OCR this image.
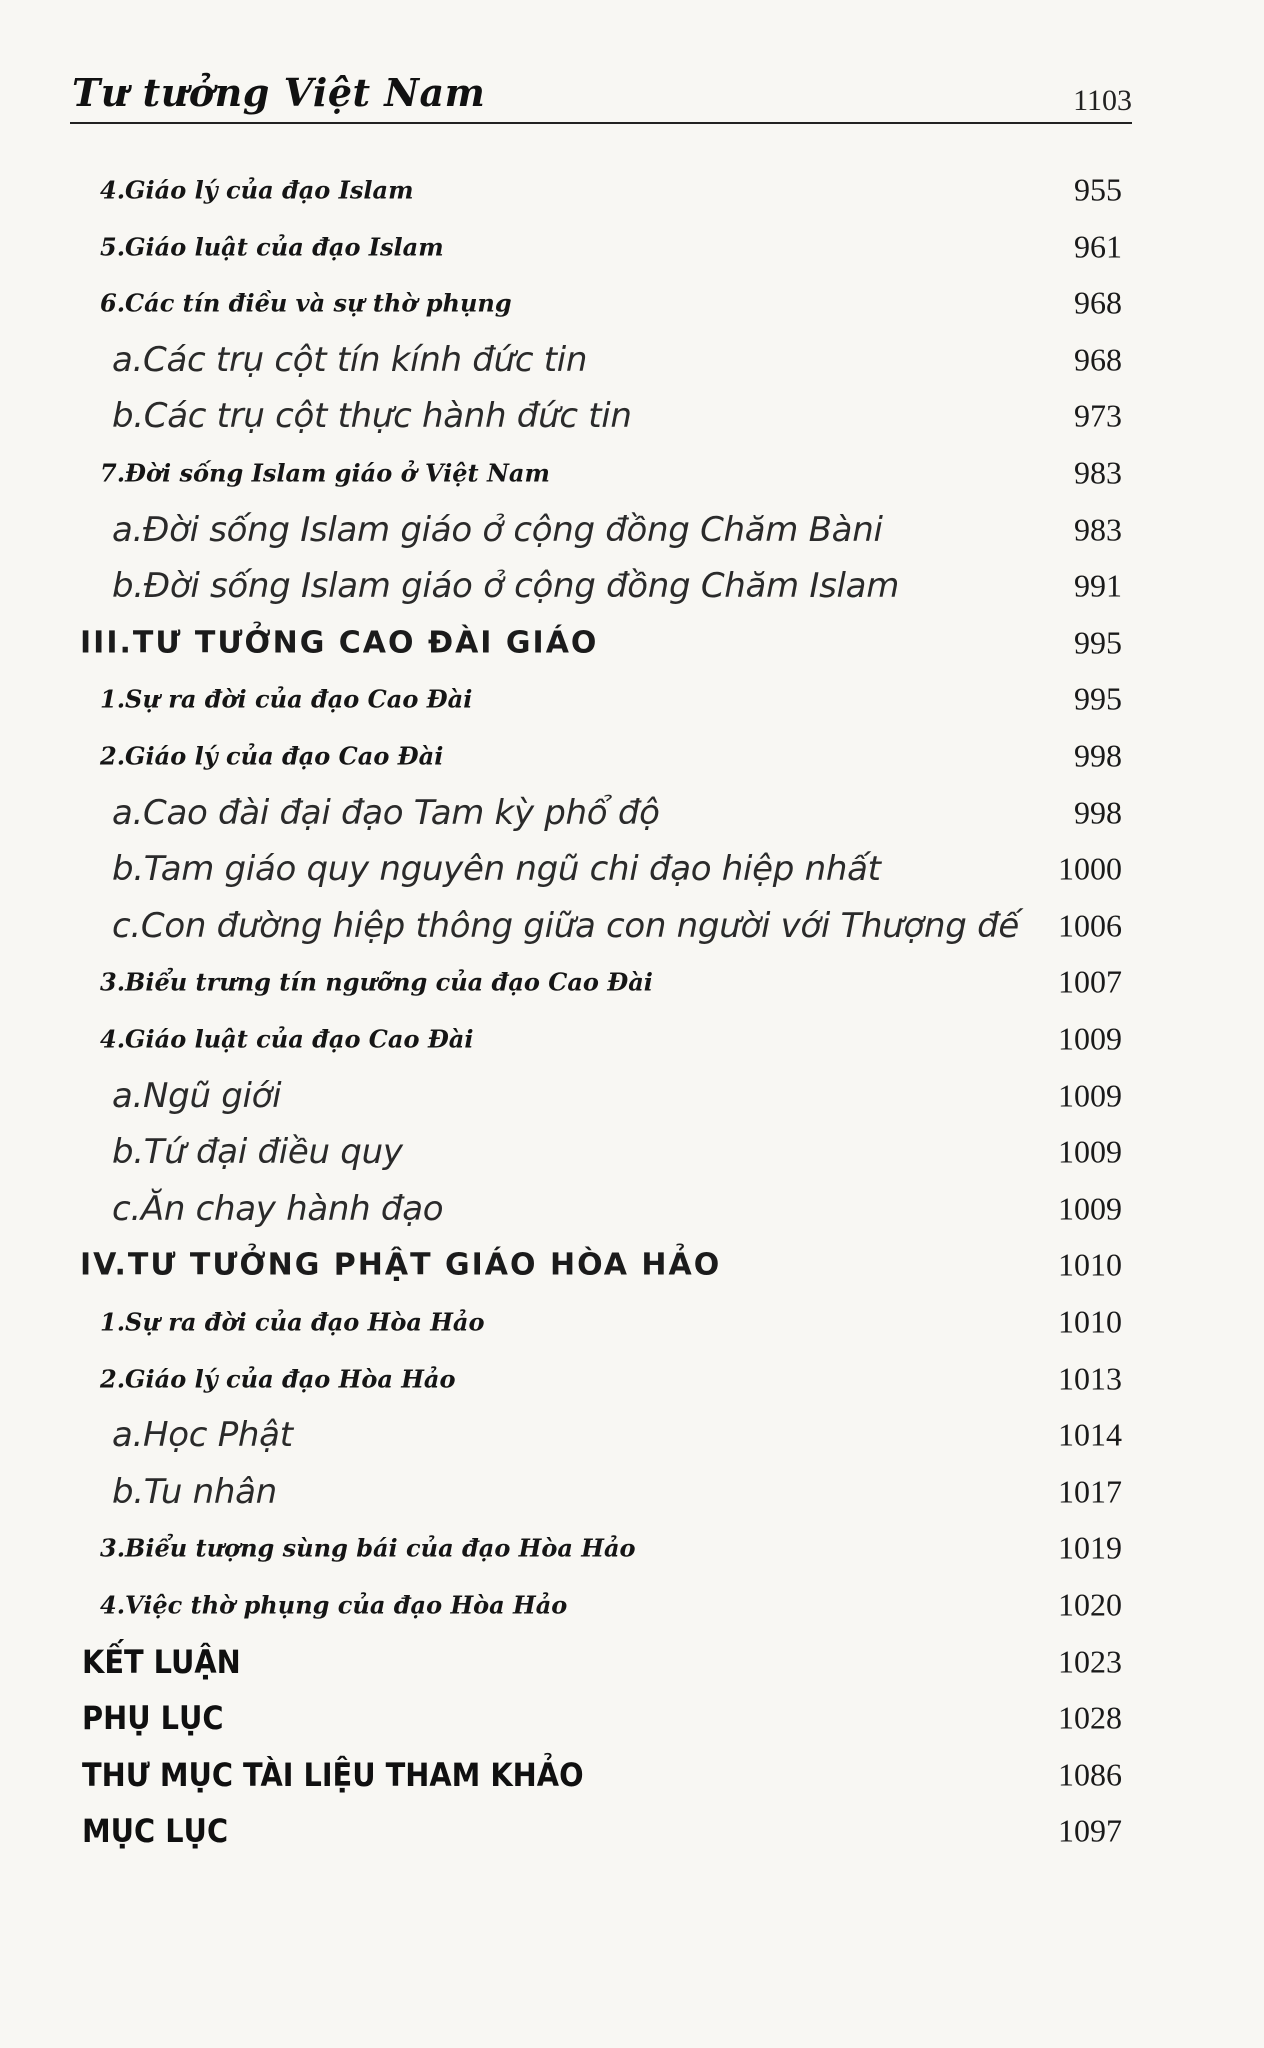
Tư tưởng Việt Nam	1103
4.Giáo lý của đạo Islam	955
5.Giáo luật của đạo Islam	961
6.Các tín điều và sự thờ phụng	968
a.Các trụ cột tín kính đức tin	968
b.Các trụ cột thực hành đức tin	973
7.Đời sống Islam giáo ở Việt Nam	983
a.Đời sống Islam giáo ở cộng đồng Chăm Bàni	983
b.Đời sống Islam giáo ở cộng đồng Chăm Islam	991
III.TƯ TƯỞNG CAO ĐÀI GIÁO	995
1.Sự ra đời của đạo Cao Đài	995
2.Giáo lý của đạo Cao Đài	998
a.Cao đài đại đạo Tam kỳ phổ độ	998
b.Tam giáo quy nguyên ngũ chi đạo hiệp nhất	1000
c.Con đường hiệp thông giữa con người với Thượng đế 1006
3.Biểu trưng tín ngưỡng của đạo Cao Đài	1007
4.Giáo luật của đạo Cao Đài	1009
a.Ngũ giới	1009
b.Tứ đại điều quy	1009
c.Ăn chay hành đạo	1009
IV.TƯ TƯỞNG PHẬT GIÁO HÒA HẢO	1010
1.Sự ra đời của đạo Hòa Hảo	1010
2.Giáo lý của đạo Hòa Hảo	1013
a.Học Phật	1014
b.Tu nhân	1017
3.Biểu tượng sùng bái của đạo Hòa Hảo	1019
4.Việc thờ phụng của đạo Hòa Hảo	1020
KẾT LUẬN	1023
PHỤ LỤC	1028
THƯ MỤC TÀI LIỆU THAM KHẢO	1086
MỤC LỤC	1097
